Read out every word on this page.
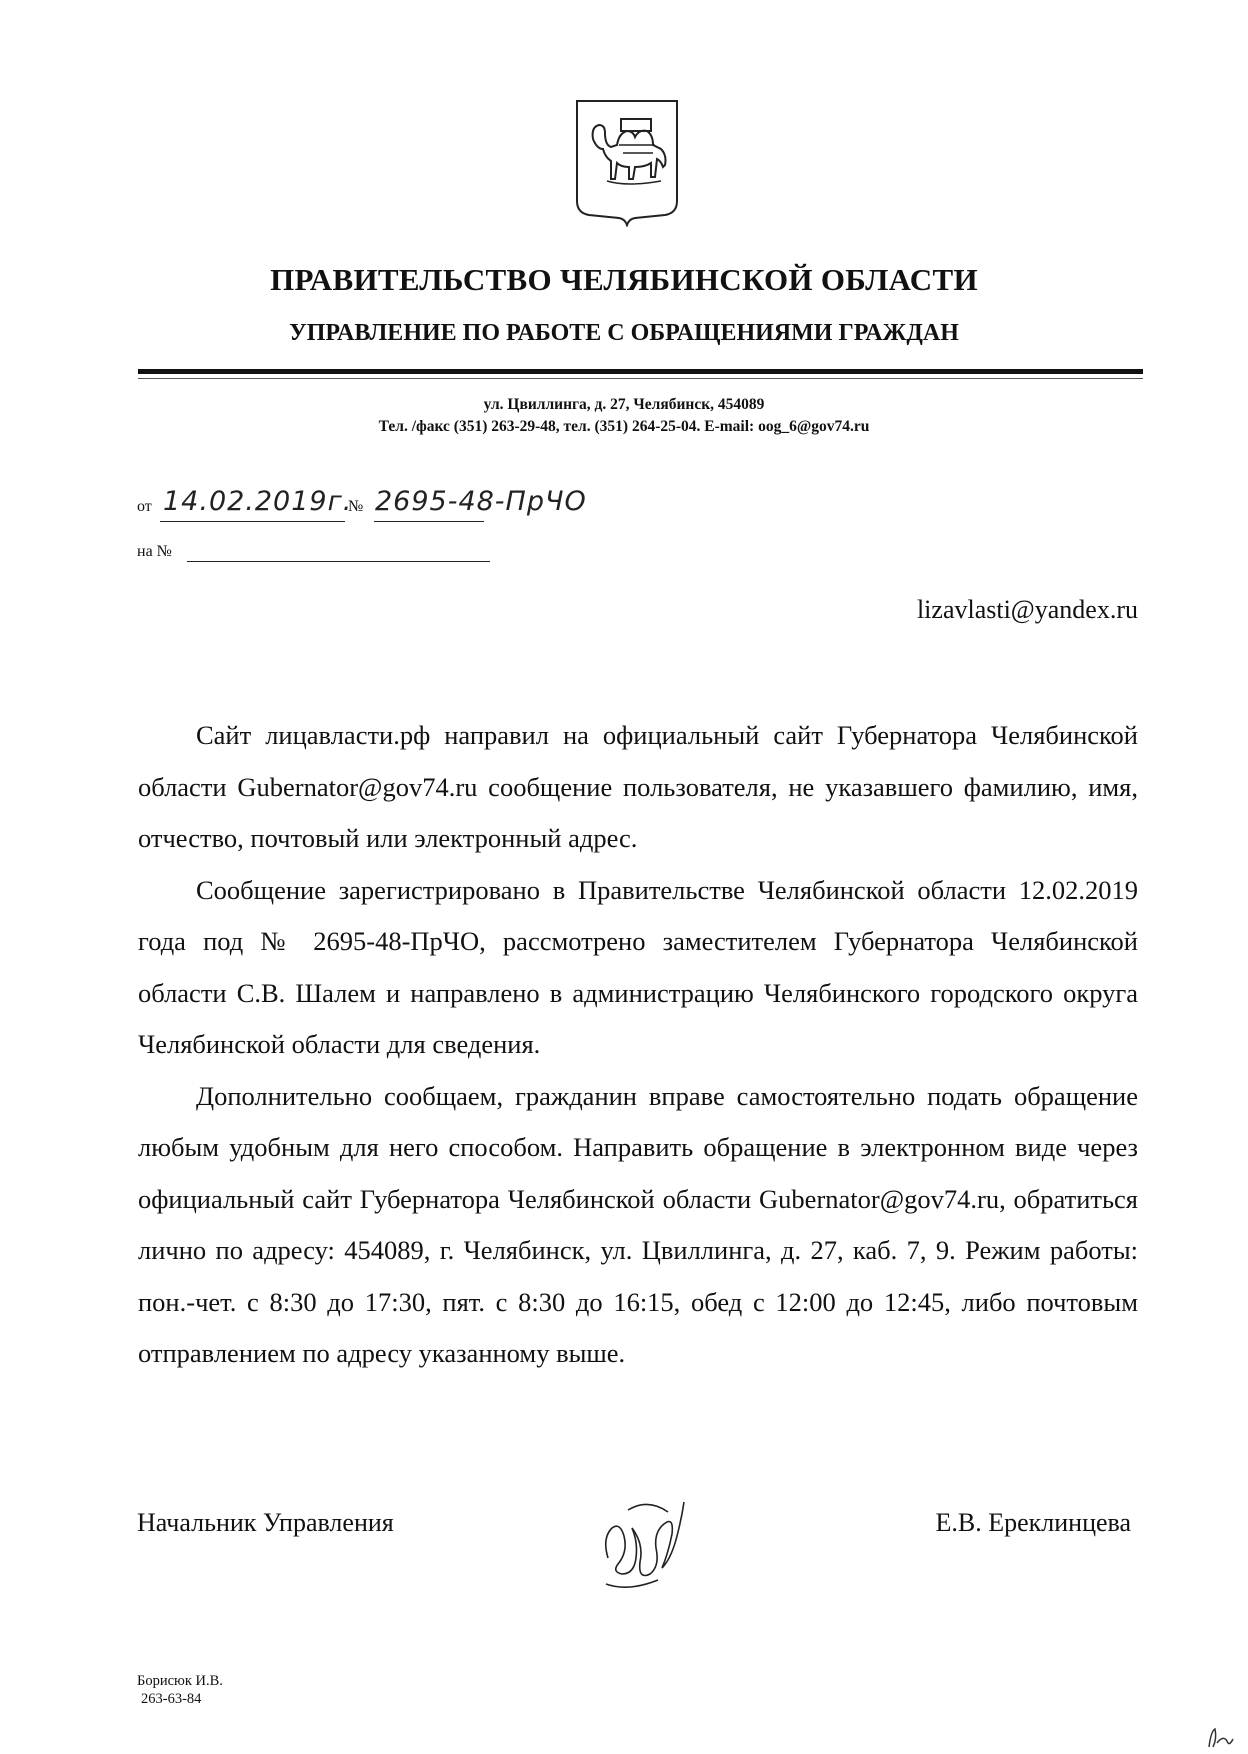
ПРАВИТЕЛЬСТВО ЧЕЛЯБИНСКОЙ ОБЛАСТИ
УПРАВЛЕНИЕ ПО РАБОТЕ С ОБРАЩЕНИЯМИ ГРАЖДАН
ул. Цвиллинга, д. 27, Челябинск, 454089
Тел. /факс (351) 263-29-48, тел. (351) 264-25-04. E-mail: oog_6@gov74.ru
от 14.02.2019г.
№ 2695-48-ПрЧО
на №
lizavlasti@yandex.ru

Сайт лицавласти.рф направил на официальный сайт Губернатора Челябинской области Gubernator@gov74.ru сообщение пользователя, не указавшего фамилию, имя, отчество, почтовый или электронный адрес.

Сообщение зарегистрировано в Правительстве Челябинской области 12.02.2019 года под № 2695-48-ПрЧО, рассмотрено заместителем Губернатора Челябинской области С.В. Шалем и направлено в администрацию Челябинского городского округа Челябинской области для сведения.

Дополнительно сообщаем, гражданин вправе самостоятельно подать обращение любым удобным для него способом. Направить обращение в электронном виде через официальный сайт Губернатора Челябинской области Gubernator@gov74.ru, обратиться лично по адресу: 454089, г. Челябинск, ул. Цвиллинга, д. 27, каб. 7, 9. Режим работы: пон.-чет. с 8:30 до 17:30, пят. с 8:30 до 16:15, обед с 12:00 до 12:45, либо почтовым отправлением по адресу указанному выше.

Начальник Управления	Е.В. Ереклинцева
Борисюк И.В.
263-63-84
